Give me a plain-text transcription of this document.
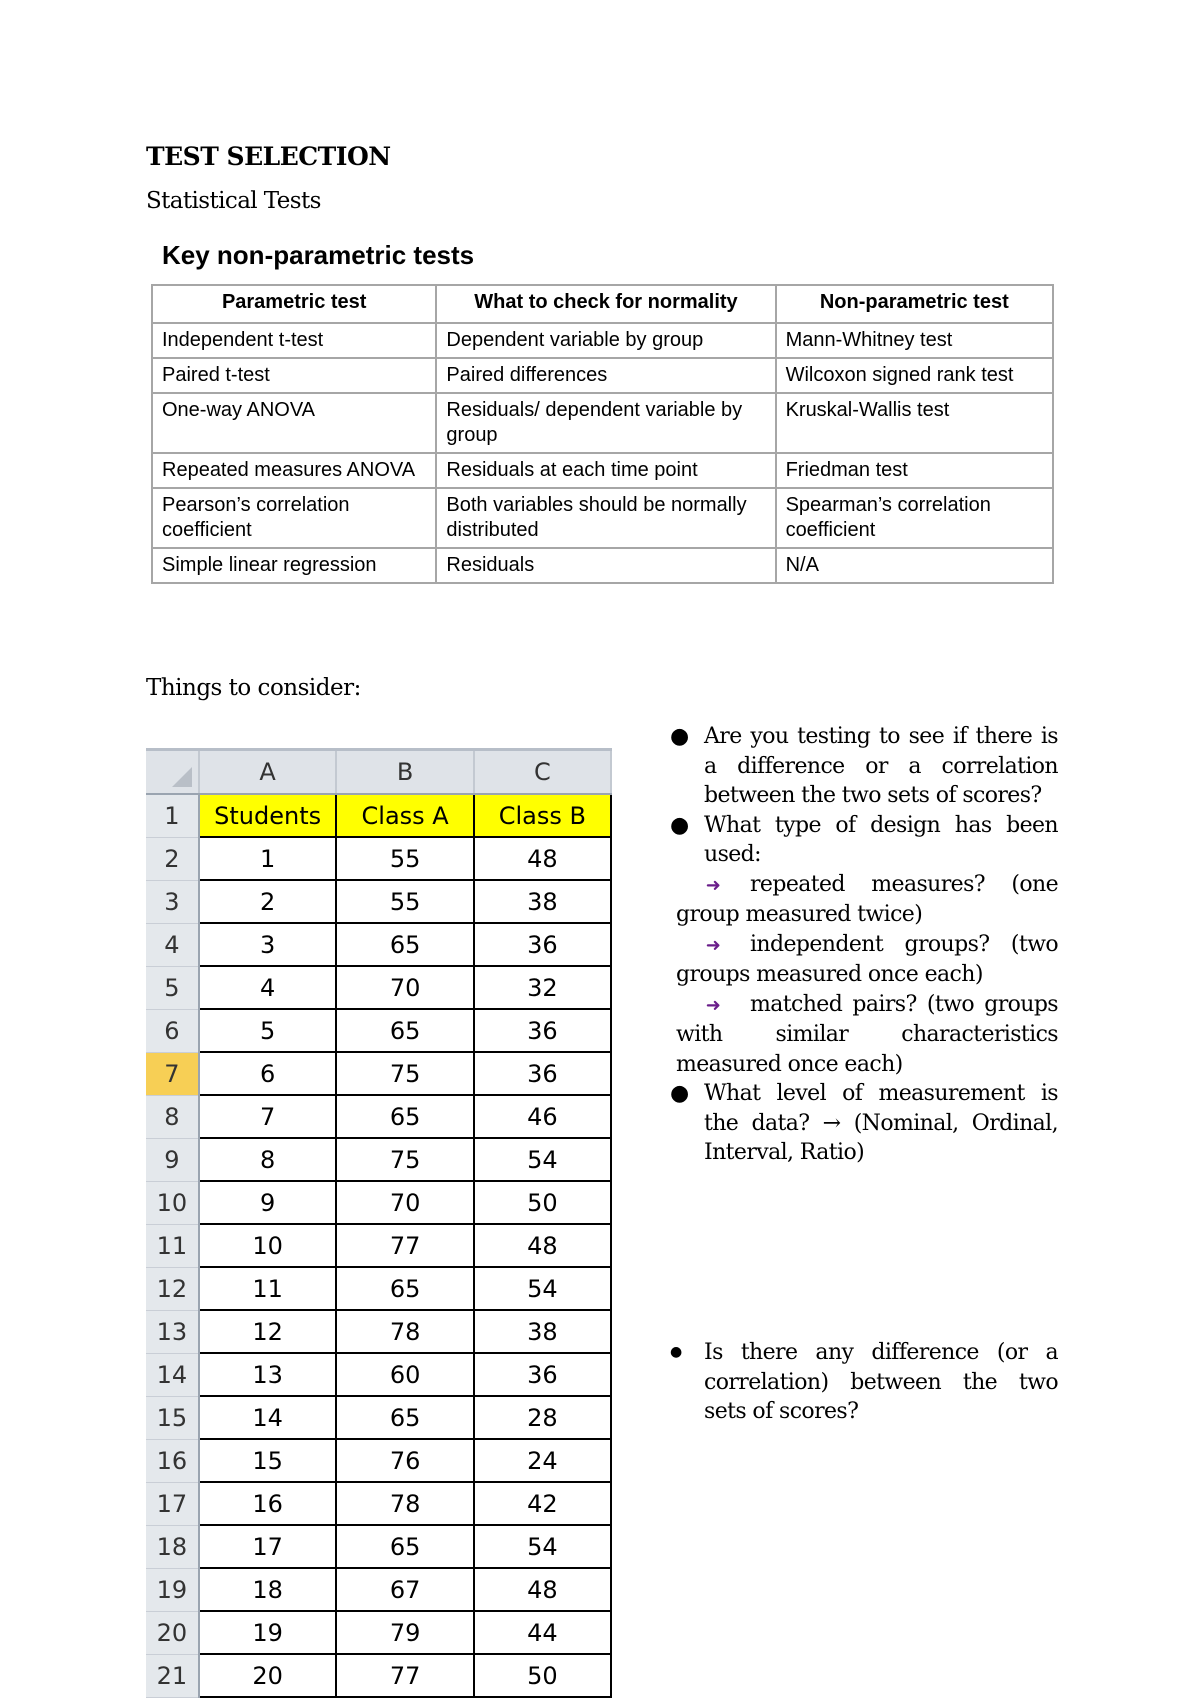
TEST SELECTION
Statistical Tests
Key non-parametric tests
Parametric test	What to check for normality	Non-parametric test
Independent t-test	Dependent variable by group	Mann-Whitney test
Paired t-test	Paired differences	Wilcoxon signed rank test
One-way ANOVA	Residuals/ dependent variable by group	Kruskal-Wallis test
Repeated measures ANOVA	Residuals at each time point	Friedman test
Pearson’s correlation coefficient	Both variables should be normally distributed	Spearman’s correlation coefficient
Simple linear regression	Residuals	N/A
Things to consider:
	A	B	C
1	Students	Class A	Class B
2	1	55	48
3	2	55	38
4	3	65	36
5	4	70	32
6	5	65	36
7	6	75	36
8	7	65	46
9	8	75	54
10	9	70	50
11	10	77	48
12	11	65	54
13	12	78	38
14	13	60	36
15	14	65	28
16	15	76	24
17	16	78	42
18	17	65	54
19	18	67	48
20	19	79	44
21	20	77	50
● Are you testing to see if there is a difference or a correlation between the two sets of scores?
● What type of design has been used:
➜ repeated measures? (one group measured twice)
➜ independent groups? (two groups measured once each)
➜ matched pairs? (two groups with similar characteristics measured once each)
● What level of measurement is the data? → (Nominal, Ordinal, Interval, Ratio)
● Is there any difference (or a correlation) between the two sets of scores?
